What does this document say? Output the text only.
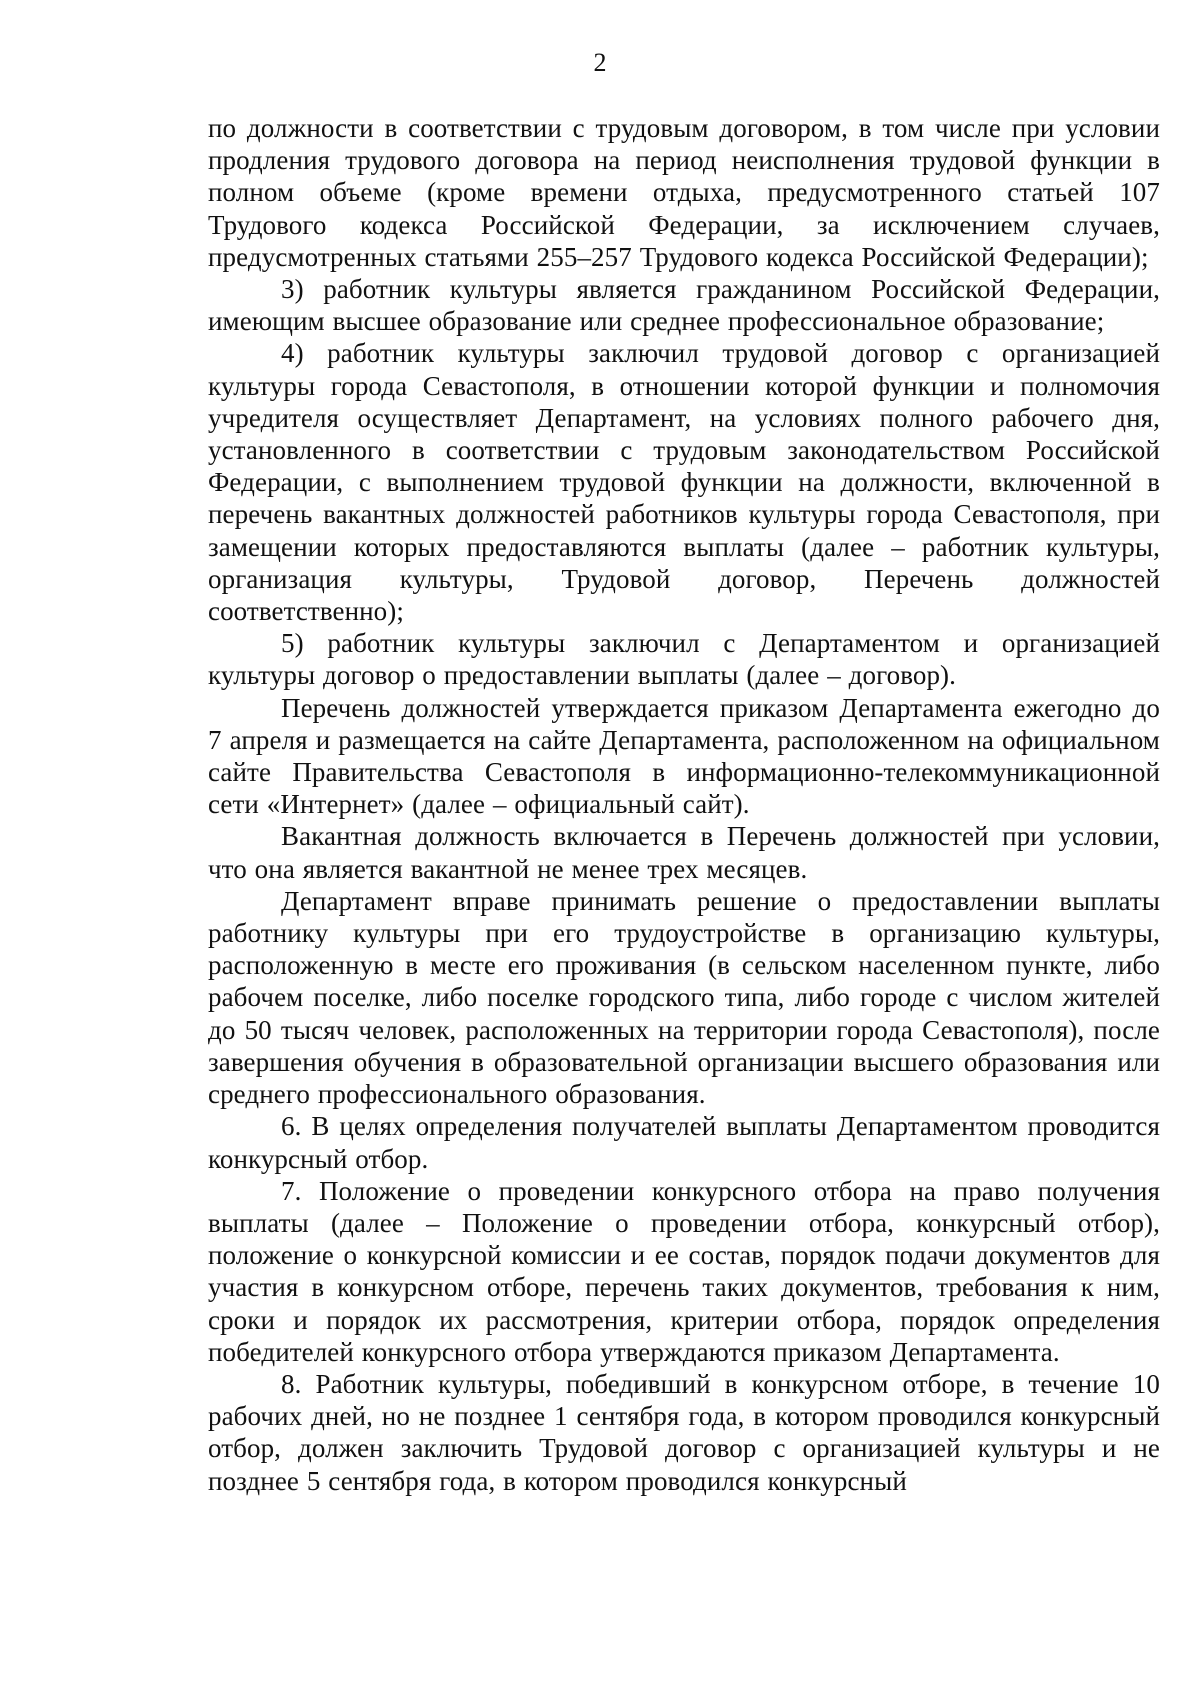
2

по должности в соответствии с трудовым договором, в том числе при условии продления трудового договора на период неисполнения трудовой функции в полном объеме (кроме времени отдыха, предусмотренного статьей 107 Трудового кодекса Российской Федерации, за исключением случаев, предусмотренных статьями 255–257 Трудового кодекса Российской Федерации);

3) работник культуры является гражданином Российской Федерации, имеющим высшее образование или среднее профессиональное образование;

4) работник культуры заключил трудовой договор с организацией культуры города Севастополя, в отношении которой функции и полномочия учредителя осуществляет Департамент, на условиях полного рабочего дня, установленного в соответствии с трудовым законодательством Российской Федерации, с выполнением трудовой функции на должности, включенной в перечень вакантных должностей работников культуры города Севастополя, при замещении которых предоставляются выплаты (далее – работник культуры, организация культуры, Трудовой договор, Перечень должностей соответственно);

5) работник культуры заключил с Департаментом и организацией культуры договор о предоставлении выплаты (далее – договор).

Перечень должностей утверждается приказом Департамента ежегодно до 7 апреля и размещается на сайте Департамента, расположенном на официальном сайте Правительства Севастополя в информационно-телекоммуникационной сети «Интернет» (далее – официальный сайт).

Вакантная должность включается в Перечень должностей при условии, что она является вакантной не менее трех месяцев.

Департамент вправе принимать решение о предоставлении выплаты работнику культуры при его трудоустройстве в организацию культуры, расположенную в месте его проживания (в сельском населенном пункте, либо рабочем поселке, либо поселке городского типа, либо городе с числом жителей до 50 тысяч человек, расположенных на территории города Севастополя), после завершения обучения в образовательной организации высшего образования или среднего профессионального образования.

6. В целях определения получателей выплаты Департаментом проводится конкурсный отбор.

7. Положение о проведении конкурсного отбора на право получения выплаты (далее – Положение о проведении отбора, конкурсный отбор), положение о конкурсной комиссии и ее состав, порядок подачи документов для участия в конкурсном отборе, перечень таких документов, требования к ним, сроки и порядок их рассмотрения, критерии отбора, порядок определения победителей конкурсного отбора утверждаются приказом Департамента.

8. Работник культуры, победивший в конкурсном отборе, в течение 10 рабочих дней, но не позднее 1 сентября года, в котором проводился конкурсный отбор, должен заключить Трудовой договор с организацией культуры и не позднее 5 сентября года, в котором проводился конкурсный
